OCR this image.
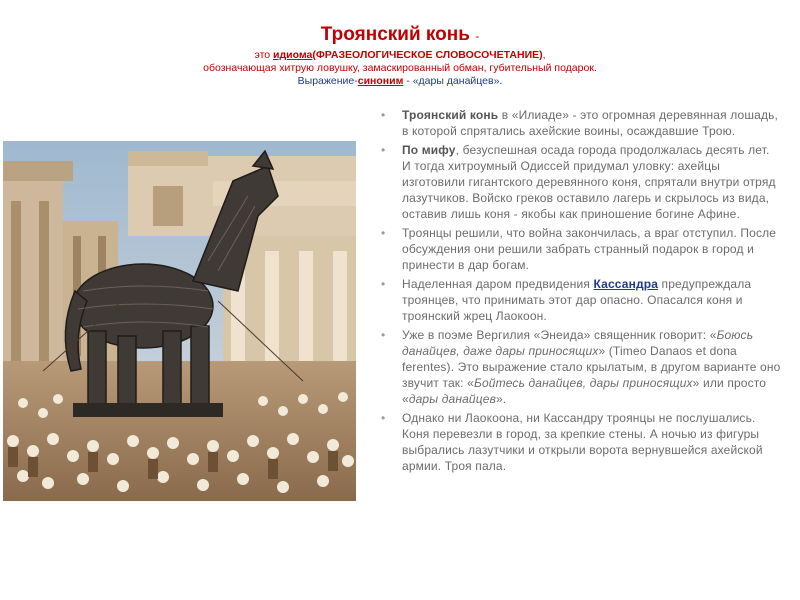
Троянский конь -
это идиома(ФРАЗЕОЛОГИЧЕСКОЕ СЛОВОСОЧЕТАНИЕ),
обозначающая хитрую ловушку, замаскированный обман, губительный подарок.
Выражение-синоним - «дары данайцев».
• Троянский конь в «Илиаде» - это огромная деревянная лошадь, в которой спрятались ахейские воины, осаждавшие Трою.
• По мифу, безуспешная осада города продолжалась десять лет. И тогда хитроумный Одиссей придумал уловку: ахейцы изготовили гигантского деревянного коня, спрятали внутри отряд лазутчиков. Войско греков оставило лагерь и скрылось из вида, оставив лишь коня - якобы как приношение богине Афине.
• Троянцы решили, что война закончилась, а враг отступил. После обсуждения они решили забрать странный подарок в город и принести в дар богам.
• Наделенная даром предвидения Кассандра предупреждала троянцев, что принимать этот дар опасно. Опасался коня и троянский жрец Лаокоон.
• Уже в поэме Вергилия «Энеида» священник говорит: «Боюсь данайцев, даже дары приносящих» (Timeo Danaos et dona ferentes). Это выражение стало крылатым, в другом варианте оно звучит так: «Бойтесь данайцев, дары приносящих» или просто «дары данайцев».
• Однако ни Лаокоона, ни Кассандру троянцы не послушались. Коня перевезли в город, за крепкие стены. А ночью из фигуры выбрались лазутчики и открыли ворота вернувшейся ахейской армии. Троя пала.
